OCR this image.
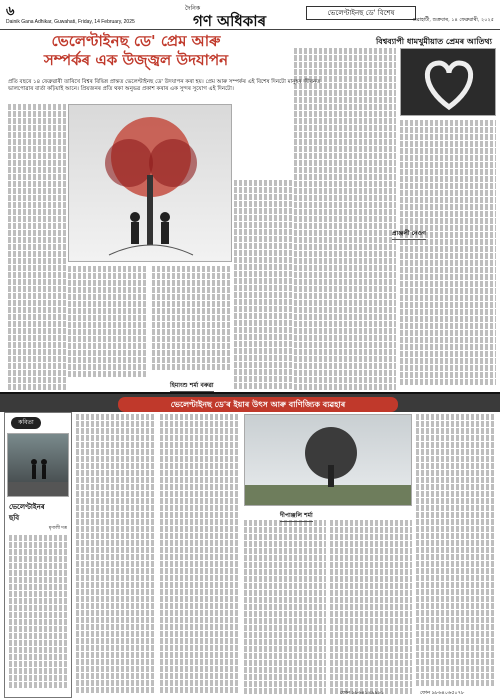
৬
Dainik Gana Adhikar, Guwahati, Friday, 14 February, 2025
দৈনিক
গণ অধিকাৰ	ভেলেণ্টাইনছ ডে' বিশেষ
গুৱাহাটী, শুক্ৰবাৰ, ১৪ ফেব্ৰুৱাৰী, ২০২৫
ভেলেণ্টাইনছ ডে' প্ৰেম আৰু
সম্পৰ্কৰ এক উজ্জ্বল উদযাপন
প্ৰতি বছৰে ১৪ ফেব্ৰুৱাৰী তাৰিখে বিশ্বৰ বিভিন্ন প্ৰান্তত ভেলেণ্টাইনছ ডে' উদযাপন কৰা হয়। প্ৰেম আৰু সম্পৰ্কৰ এই বিশেষ দিনটো মানুহৰ জীৱনত ভালপোৱাৰ বাৰ্তা কঢ়িয়াই আনে। প্ৰিয়জনৰ প্ৰতি থকা অনুভৱ প্ৰকাশ কৰাৰ এক সুন্দৰ সুযোগ এই দিনটো।
হিমাংশু শৰ্মা বৰুৱা
বিশ্বব্যাপী ধামখুমীয়াত প্ৰেমৰ আতিথ্য
প্ৰাঞ্জলী নেওগ
ভেলেণ্টাইনছ ডে'ৰ ইয়াৰ উৎস আৰু বাণিজ্যিক ব্যৱহাৰ
কবিতা
ভেলেণ্টাইনৰ
ছবি
মৃণালী দত্ত
দীপাঞ্জলি শৰ্মা
ফোন ৯৮৬৪১৪৯৯৮১	ফোন ৯৮৬৪০৬৫০৭৮
